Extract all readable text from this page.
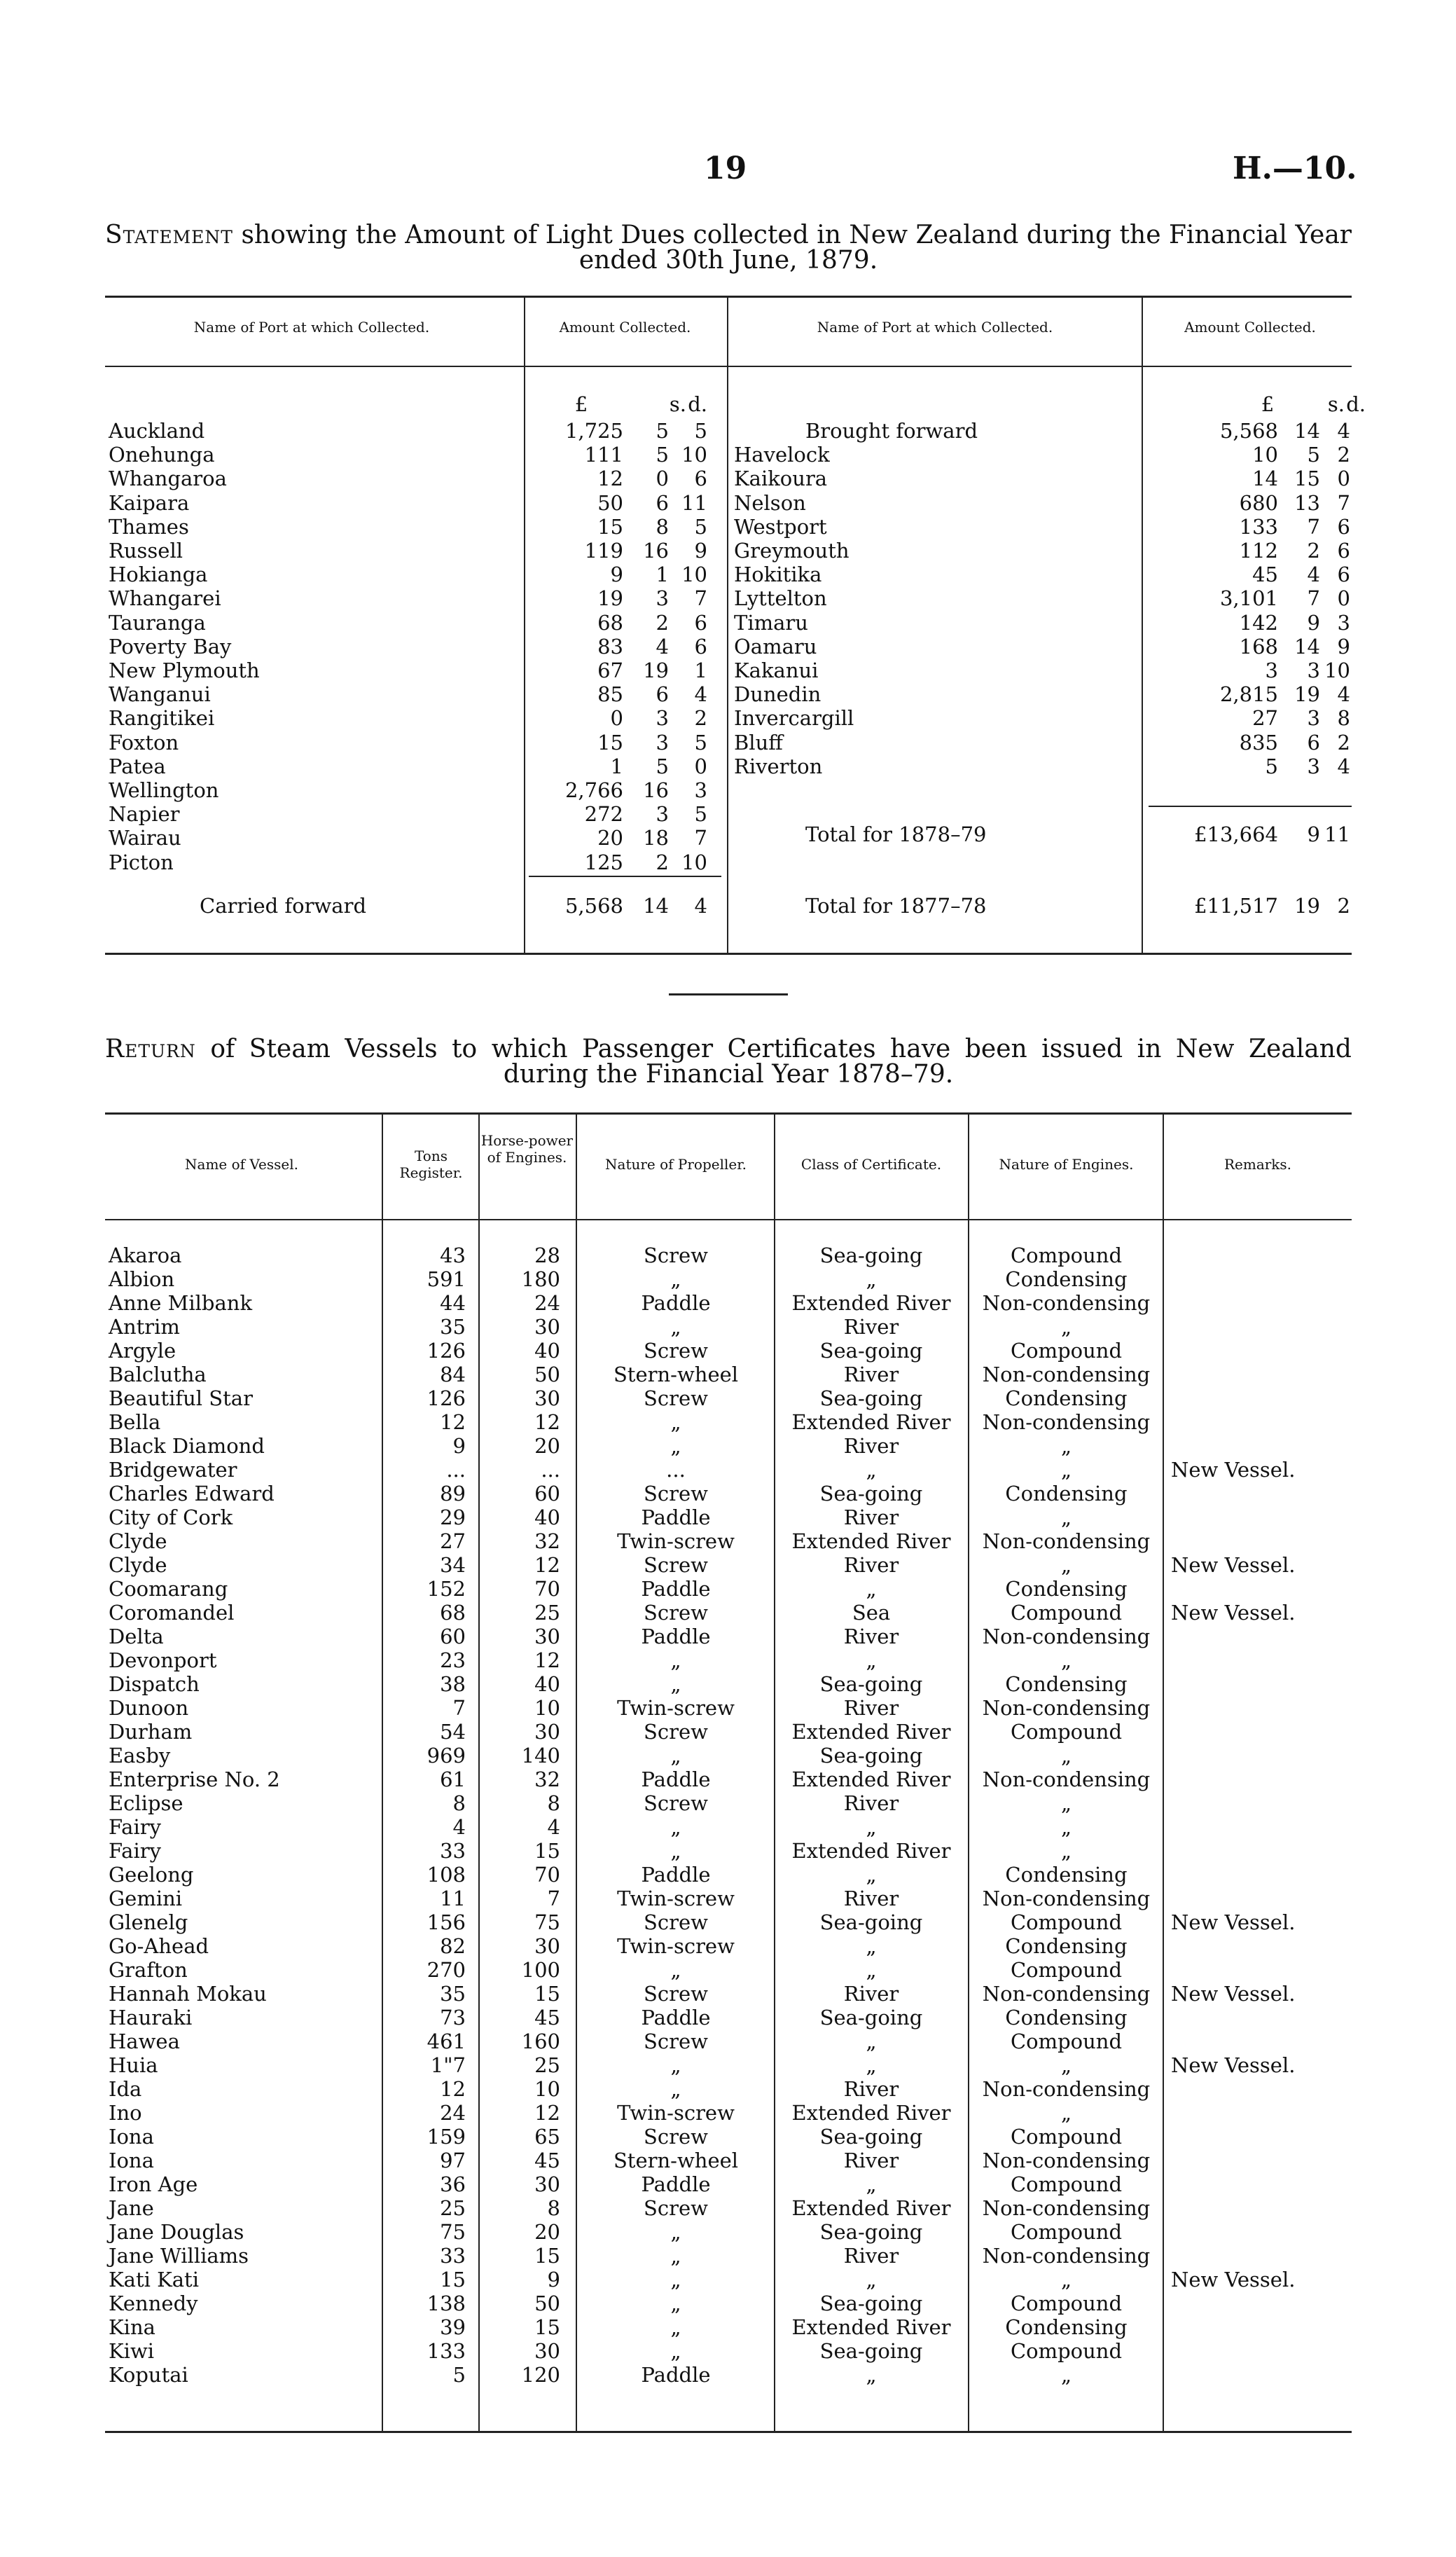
19	H.—10.
Statement showing the Amount of Light Dues collected in New Zealand during the Financial Year ended 30th June, 1879.
Name of Port at which Collected.	Amount Collected.	Name of Port at which Collected.	Amount Collected.
£	s. d.	£	s. d.
Auckland	1,725	5	5
Onehunga	111	5 10
Whangaroa	12	0	6
Kaipara	50	6 11
Thames	15	8	5
Russell	119 16	9
Hokianga	9	1 10
Whangarei	19	3	7
Tauranga	68	2	6
Poverty Bay	83	4	6
New Plymouth	67 19	1
Wanganui	85	6	4
Rangitikei	0	3	2
Foxton	15	3	5
Patea	1	5	0
Wellington	2,766 16	3
Napier	272	3	5
Wairau	20 18	7
Picton	125	2 10
Carried forward	5,568 14	4
Brought forward	5,568 14 4
Havelock	10	5 2
Kaikoura	14 15 0
Nelson	680 13 7
Westport	133	7 6
Greymouth	112	2 6
Hokitika	45	4 6
Lyttelton	3,101	7 0
Timaru	142	9 3
Oamaru	168 14 9
Kakanui	3	3 10
Dunedin	2,815 19 4
Invercargill	27	3 8
Bluff	835	6 2
Riverton	5	3 4
Total for 1878–79	£13,664	9 11
Total for 1877–78	£11,517 19 2
Return of Steam Vessels to which Passenger Certificates have been issued in New Zealand during the Financial Year 1878–79.
Name of Vessel.	Tons Register.
Horse-power of Engines.	Nature of Propeller.	Class of Certificate.	Nature of Engines.	Remarks.
Akaroa	43	28	Screw	Sea-going	Compound
Albion	591	180	„	„	Condensing
Anne Milbank	44	24	Paddle	Extended River	Non-condensing
Antrim	35	30	„	River	„
Argyle	126	40	Screw	Sea-going	Compound
Balclutha	84	50	Stern-wheel	River	Non-condensing
Beautiful Star	126	30	Screw	Sea-going	Condensing
Bella	12	12	„	Extended River	Non-condensing
Black Diamond	9	20	„	River	„
Bridgewater	...	...	...	„	„	New Vessel.
Charles Edward	89	60	Screw	Sea-going	Condensing
City of Cork	29	40	Paddle	River	„
Clyde	27	32	Twin-screw	Extended River	Non-condensing
Clyde	34	12	Screw	River	„	New Vessel.
Coomarang	152	70	Paddle	„	Condensing
Coromandel	68	25	Screw	Sea	Compound	New Vessel.
Delta	60	30	Paddle	River	Non-condensing
Devonport	23	12	„	„	„
Dispatch	38	40	„	Sea-going	Condensing
Dunoon	7	10	Twin-screw	River	Non-condensing
Durham	54	30	Screw	Extended River	Compound
Easby	969	140	„	Sea-going	„
Enterprise No. 2	61	32	Paddle	Extended River	Non-condensing
Eclipse	8	8	Screw	River	„
Fairy	4	4	„	„	„
Fairy	33	15	„	Extended River	„
Geelong	108	70	Paddle	„	Condensing
Gemini	11	7	Twin-screw	River	Non-condensing
Glenelg	156	75	Screw	Sea-going	Compound	New Vessel.
Go-Ahead	82	30	Twin-screw	„	Condensing
Grafton	270	100	„	„	Compound
Hannah Mokau	35	15	Screw	River	Non-condensing	New Vessel.
Hauraki	73	45	Paddle	Sea-going	Condensing
Hawea	461	160	Screw	„	Compound
Huia	1"7	25	„	„	„	New Vessel.
Ida	12	10	„	River	Non-condensing
Ino	24	12	Twin-screw	Extended River	„
Iona	159	65	Screw	Sea-going	Compound
Iona	97	45	Stern-wheel	River	Non-condensing
Iron Age	36	30	Paddle	„	Compound
Jane	25	8	Screw	Extended River	Non-condensing
Jane Douglas	75	20	„	Sea-going	Compound
Jane Williams	33	15	„	River	Non-condensing
Kati Kati	15	9	„	„	„	New Vessel.
Kennedy	138	50	„	Sea-going	Compound
Kina	39	15	„	Extended River	Condensing
Kiwi	133	30	„	Sea-going	Compound
Koputai	5	120	Paddle	„	„
